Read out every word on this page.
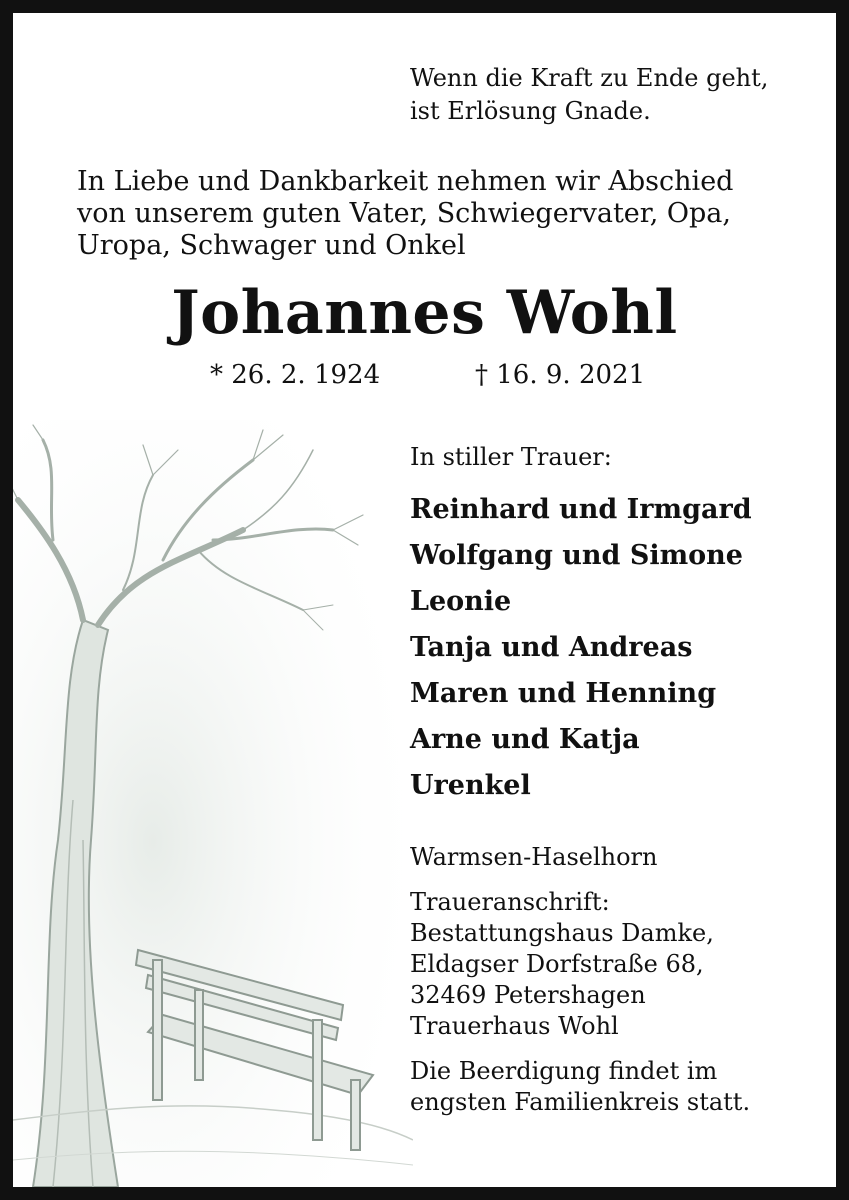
Wenn die Kraft zu Ende geht,
ist Erlösung Gnade.
In Liebe und Dankbarkeit nehmen wir Abschied
von unserem guten Vater, Schwiegervater, Opa,
Uropa, Schwager und Onkel
Johannes Wohl
* 26. 2. 1924	† 16. 9. 2021
In stiller Trauer:
Reinhard und Irmgard
Wolfgang und Simone
Leonie
Tanja und Andreas
Maren und Henning
Arne und Katja
Urenkel
Warmsen-Haselhorn
Traueranschrift:
Bestattungshaus Damke,
Eldagser Dorfstraße 68,
32469 Petershagen
Trauerhaus Wohl
Die Beerdigung findet im
engsten Familienkreis statt.
